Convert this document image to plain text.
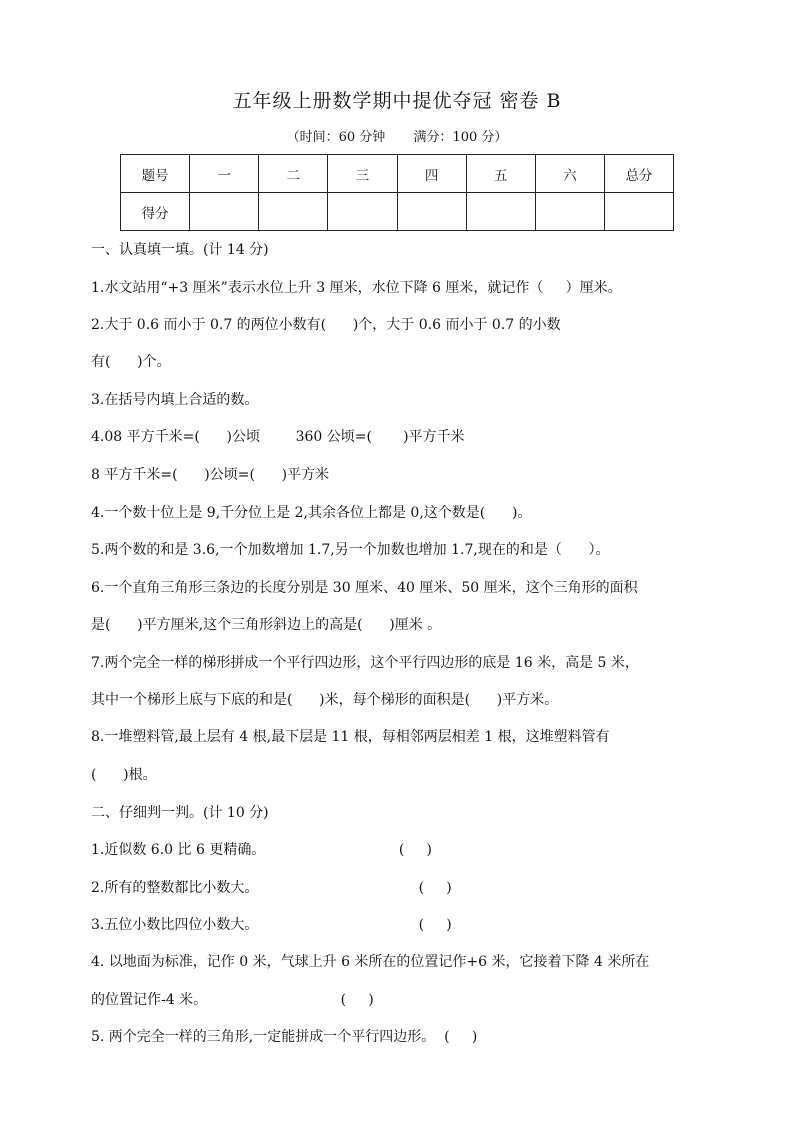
五年级上册数学期中提优夺冠 密卷 B
（时间：60 分钟 满分：100 分）
题号	一	二	三	四	五	六	总分
得分							
一、认真填一填。(计 14 分)
1.水文站用“+3 厘米”表示水位上升 3 厘米，水位下降 6 厘米，就记作（     ）厘米。
2.大于 0.6 而小于 0.7 的两位小数有(      )个，大于 0.6 而小于 0.7 的小数
有(      )个。
3.在括号内填上合适的数。
4.08 平方千米=(      )公顷        360 公顷=(       )平方千米
8 平方千米=(      )公顷=(      )平方米
4.一个数十位上是 9,千分位上是 2,其余各位上都是 0,这个数是(      )。
5.两个数的和是 3.6,一个加数增加 1.7,另一个加数也增加 1.7,现在的和是（      ）。
6.一个直角三角形三条边的长度分别是 30 厘米、40 厘米、50 厘米，这个三角形的面积
是(      )平方厘米,这个三角形斜边上的高是(      )厘米 。
7.两个完全一样的梯形拼成一个平行四边形，这个平行四边形的底是 16 米，高是 5 米，
其中一个梯形上底与下底的和是(      )米，每个梯形的面积是(      )平方米。
8.一堆塑料管,最上层有 4 根,最下层是 11 根，每相邻两层相差 1 根，这堆塑料管有
(      )根。
二、仔细判一判。(计 10 分)
1.近似数 6.0 比 6 更精确。                              (     )
2.所有的整数都比小数大。                                    (     )
3.五位小数比四位小数大。                                    (     )
4. 以地面为标准，记作 0 米，气球上升 6 米所在的位置记作+6 米，它接着下降 4 米所在
的位置记作-4 米。                              (     )
5. 两个完全一样的三角形,一定能拼成一个平行四边形。  (     )
